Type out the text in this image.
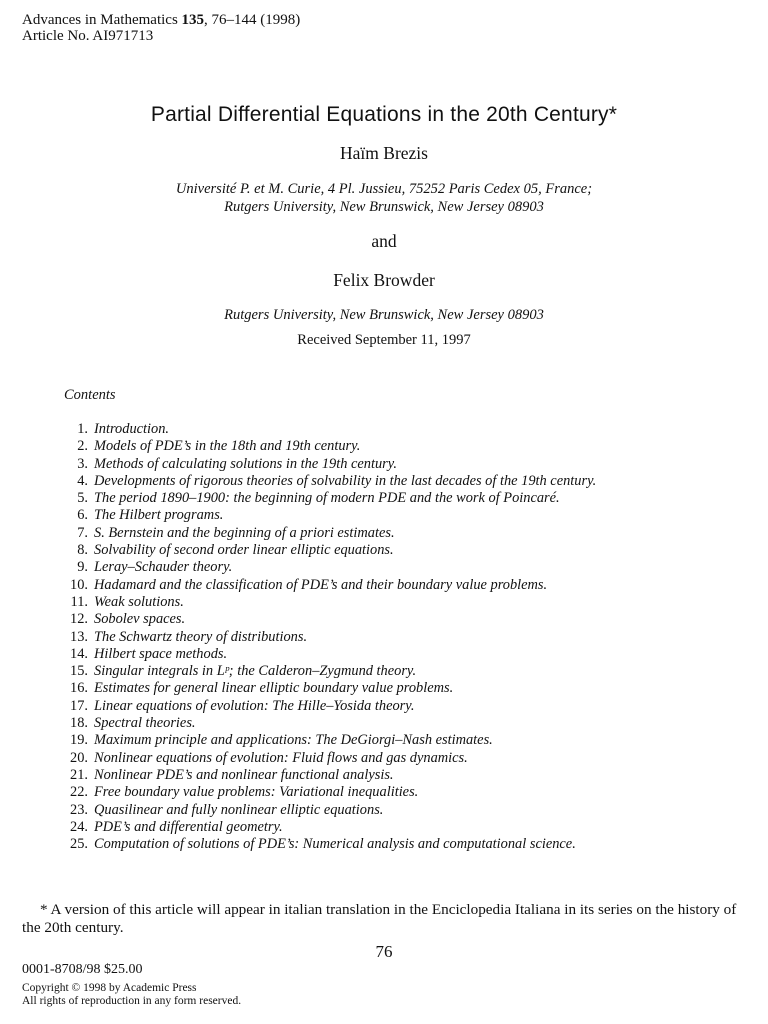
Advances in Mathematics 135, 76–144 (1998)
Article No. AI971713
Partial Differential Equations in the 20th Century*
Haïm Brezis
Université P. et M. Curie, 4 Pl. Jussieu, 75252 Paris Cedex 05, France;
Rutgers University, New Brunswick, New Jersey 08903
and
Felix Browder
Rutgers University, New Brunswick, New Jersey 08903
Received September 11, 1997
Contents
1. Introduction.
2. Models of PDE’s in the 18th and 19th century.
3. Methods of calculating solutions in the 19th century.
4. Developments of rigorous theories of solvability in the last decades of the 19th century.
5. The period 1890–1900: the beginning of modern PDE and the work of Poincaré.
6. The Hilbert programs.
7. S. Bernstein and the beginning of a priori estimates.
8. Solvability of second order linear elliptic equations.
9. Leray–Schauder theory.
10. Hadamard and the classification of PDE’s and their boundary value problems.
11. Weak solutions.
12. Sobolev spaces.
13. The Schwartz theory of distributions.
14. Hilbert space methods.
15. Singular integrals in Lᵖ; the Calderon–Zygmund theory.
16. Estimates for general linear elliptic boundary value problems.
17. Linear equations of evolution: The Hille–Yosida theory.
18. Spectral theories.
19. Maximum principle and applications: The DeGiorgi–Nash estimates.
20. Nonlinear equations of evolution: Fluid flows and gas dynamics.
21. Nonlinear PDE’s and nonlinear functional analysis.
22. Free boundary value problems: Variational inequalities.
23. Quasilinear and fully nonlinear elliptic equations.
24. PDE’s and differential geometry.
25. Computation of solutions of PDE’s: Numerical analysis and computational science.
* A version of this article will appear in italian translation in the Enciclopedia Italiana in its series on the history of the 20th century.
76
0001-8708/98 $25.00
Copyright © 1998 by Academic Press
All rights of reproduction in any form reserved.
